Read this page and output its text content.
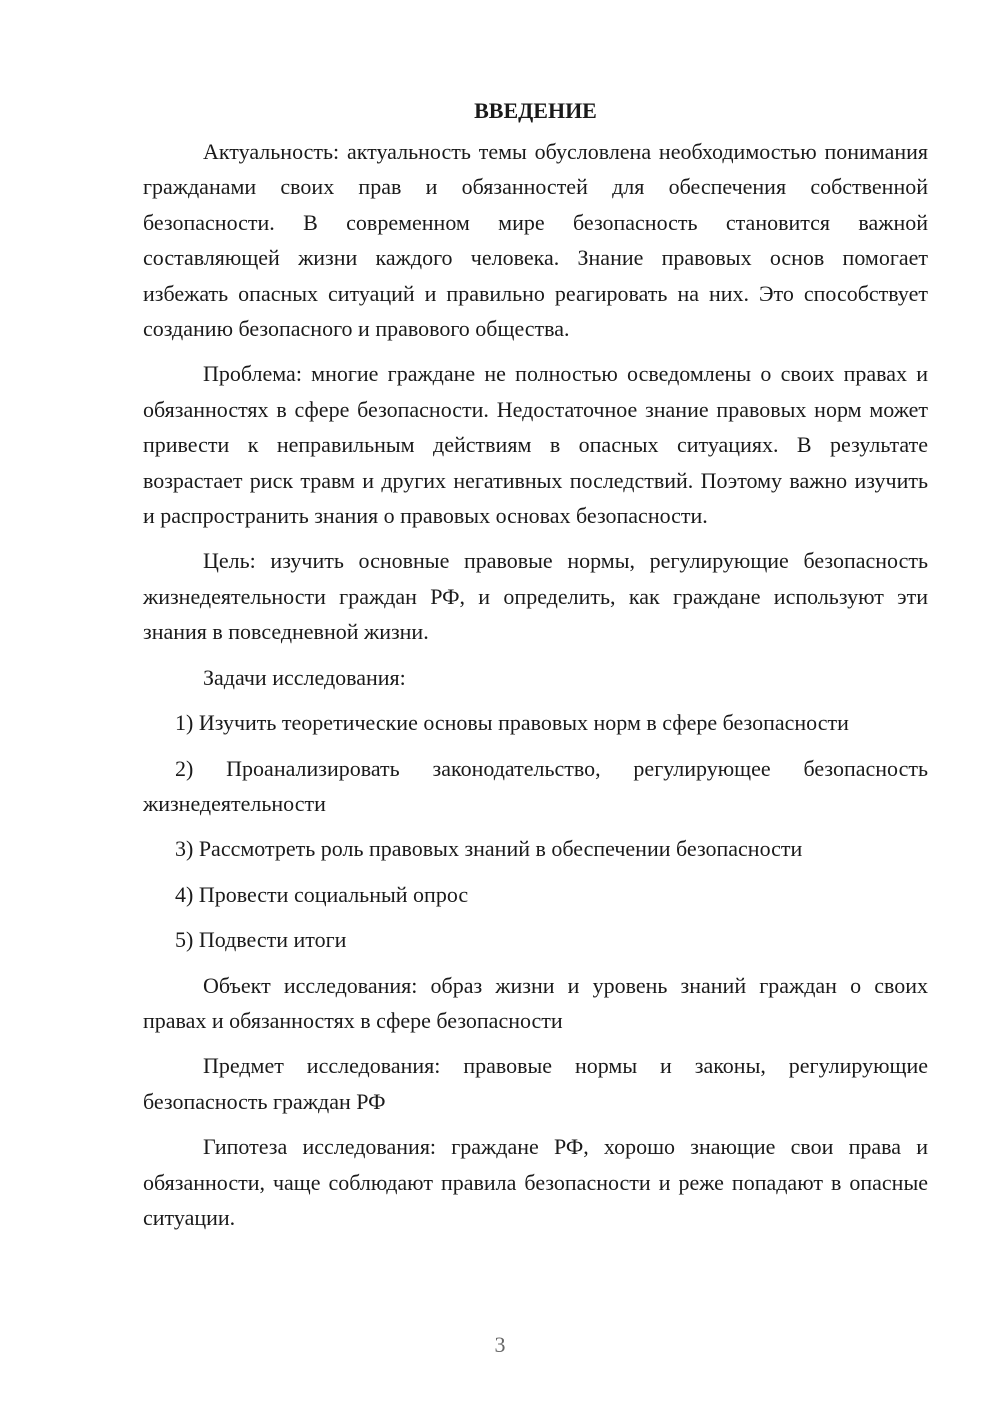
ВВЕДЕНИЕ

Актуальность: актуальность темы обусловлена необходимостью понимания гражданами своих прав и обязанностей для обеспечения собственной безопасности. В современном мире безопасность становится важной составляющей жизни каждого человека. Знание правовых основ помогает избежать опасных ситуаций и правильно реагировать на них. Это способствует созданию безопасного и правового общества.

Проблема: многие граждане не полностью осведомлены о своих правах и обязанностях в сфере безопасности. Недостаточное знание правовых норм может привести к неправильным действиям в опасных ситуациях. В результате возрастает риск травм и других негативных последствий. Поэтому важно изучить и распространить знания о правовых основах безопасности.

Цель: изучить основные правовые нормы, регулирующие безопасность жизнедеятельности граждан РФ, и определить, как граждане используют эти знания в повседневной жизни.

Задачи исследования:

1) Изучить теоретические основы правовых норм в сфере безопасности

2) Проанализировать законодательство, регулирующее безопасность жизнедеятельности

3) Рассмотреть роль правовых знаний в обеспечении безопасности

4) Провести социальный опрос

5) Подвести итоги

Объект исследования: образ жизни и уровень знаний граждан о своих правах и обязанностях в сфере безопасности

Предмет исследования: правовые нормы и законы, регулирующие безопасность граждан РФ

Гипотеза исследования: граждане РФ, хорошо знающие свои права и обязанности, чаще соблюдают правила безопасности и реже попадают в опасные ситуации.

3
